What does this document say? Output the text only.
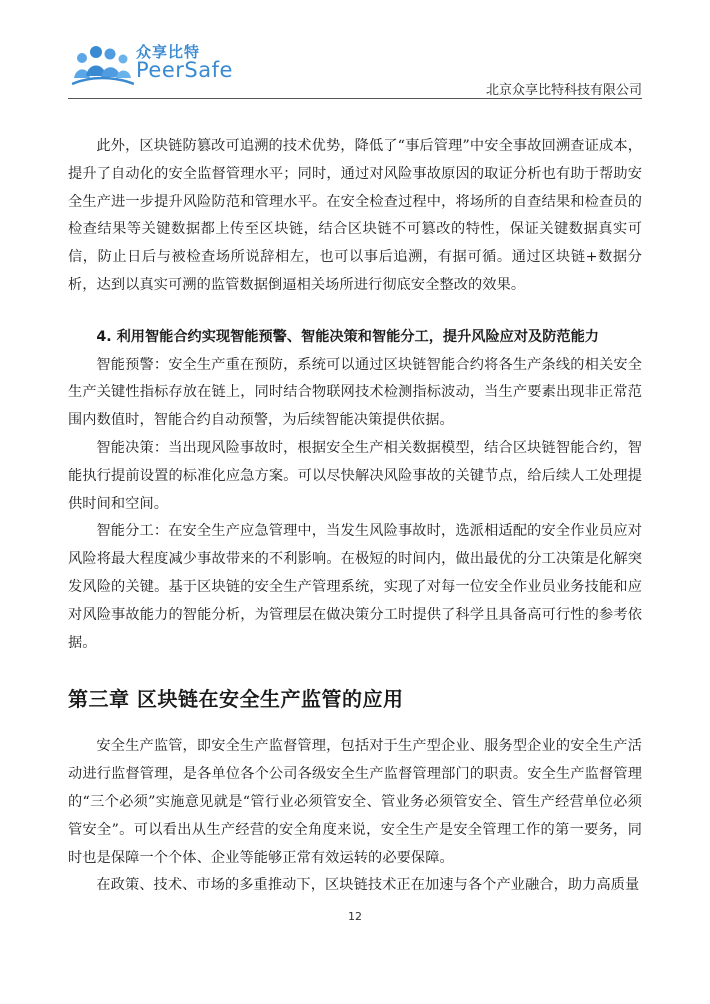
众享比特
PeerSafe
北京众享比特科技有限公司

此外，区块链防篡改可追溯的技术优势，降低了“事后管理”中安全事故回溯查证成本，提升了自动化的安全监督管理水平；同时，通过对风险事故原因的取证分析也有助于帮助安全生产进一步提升风险防范和管理水平。在安全检查过程中，将场所的自查结果和检查员的检查结果等关键数据都上传至区块链，结合区块链不可篡改的特性，保证关键数据真实可信，防止日后与被检查场所说辞相左，也可以事后追溯，有据可循。通过区块链+数据分析，达到以真实可溯的监管数据倒逼相关场所进行彻底安全整改的效果。

4. 利用智能合约实现智能预警、智能决策和智能分工，提升风险应对及防范能力

智能预警：安全生产重在预防，系统可以通过区块链智能合约将各生产条线的相关安全生产关键性指标存放在链上，同时结合物联网技术检测指标波动，当生产要素出现非正常范围内数值时，智能合约自动预警，为后续智能决策提供依据。

智能决策：当出现风险事故时，根据安全生产相关数据模型，结合区块链智能合约，智能执行提前设置的标准化应急方案。可以尽快解决风险事故的关键节点，给后续人工处理提供时间和空间。

智能分工：在安全生产应急管理中，当发生风险事故时，选派相适配的安全作业员应对风险将最大程度减少事故带来的不利影响。在极短的时间内，做出最优的分工决策是化解突发风险的关键。基于区块链的安全生产管理系统，实现了对每一位安全作业员业务技能和应对风险事故能力的智能分析，为管理层在做决策分工时提供了科学且具备高可行性的参考依据。

第三章 区块链在安全生产监管的应用

安全生产监管，即安全生产监督管理，包括对于生产型企业、服务型企业的安全生产活动进行监督管理，是各单位各个公司各级安全生产监督管理部门的职责。安全生产监督管理的“三个必须”实施意见就是“管行业必须管安全、管业务必须管安全、管生产经营单位必须管安全”。可以看出从生产经营的安全角度来说，安全生产是安全管理工作的第一要务，同时也是保障一个个体、企业等能够正常有效运转的必要保障。

在政策、技术、市场的多重推动下，区块链技术正在加速与各个产业融合，助力高质量

12
